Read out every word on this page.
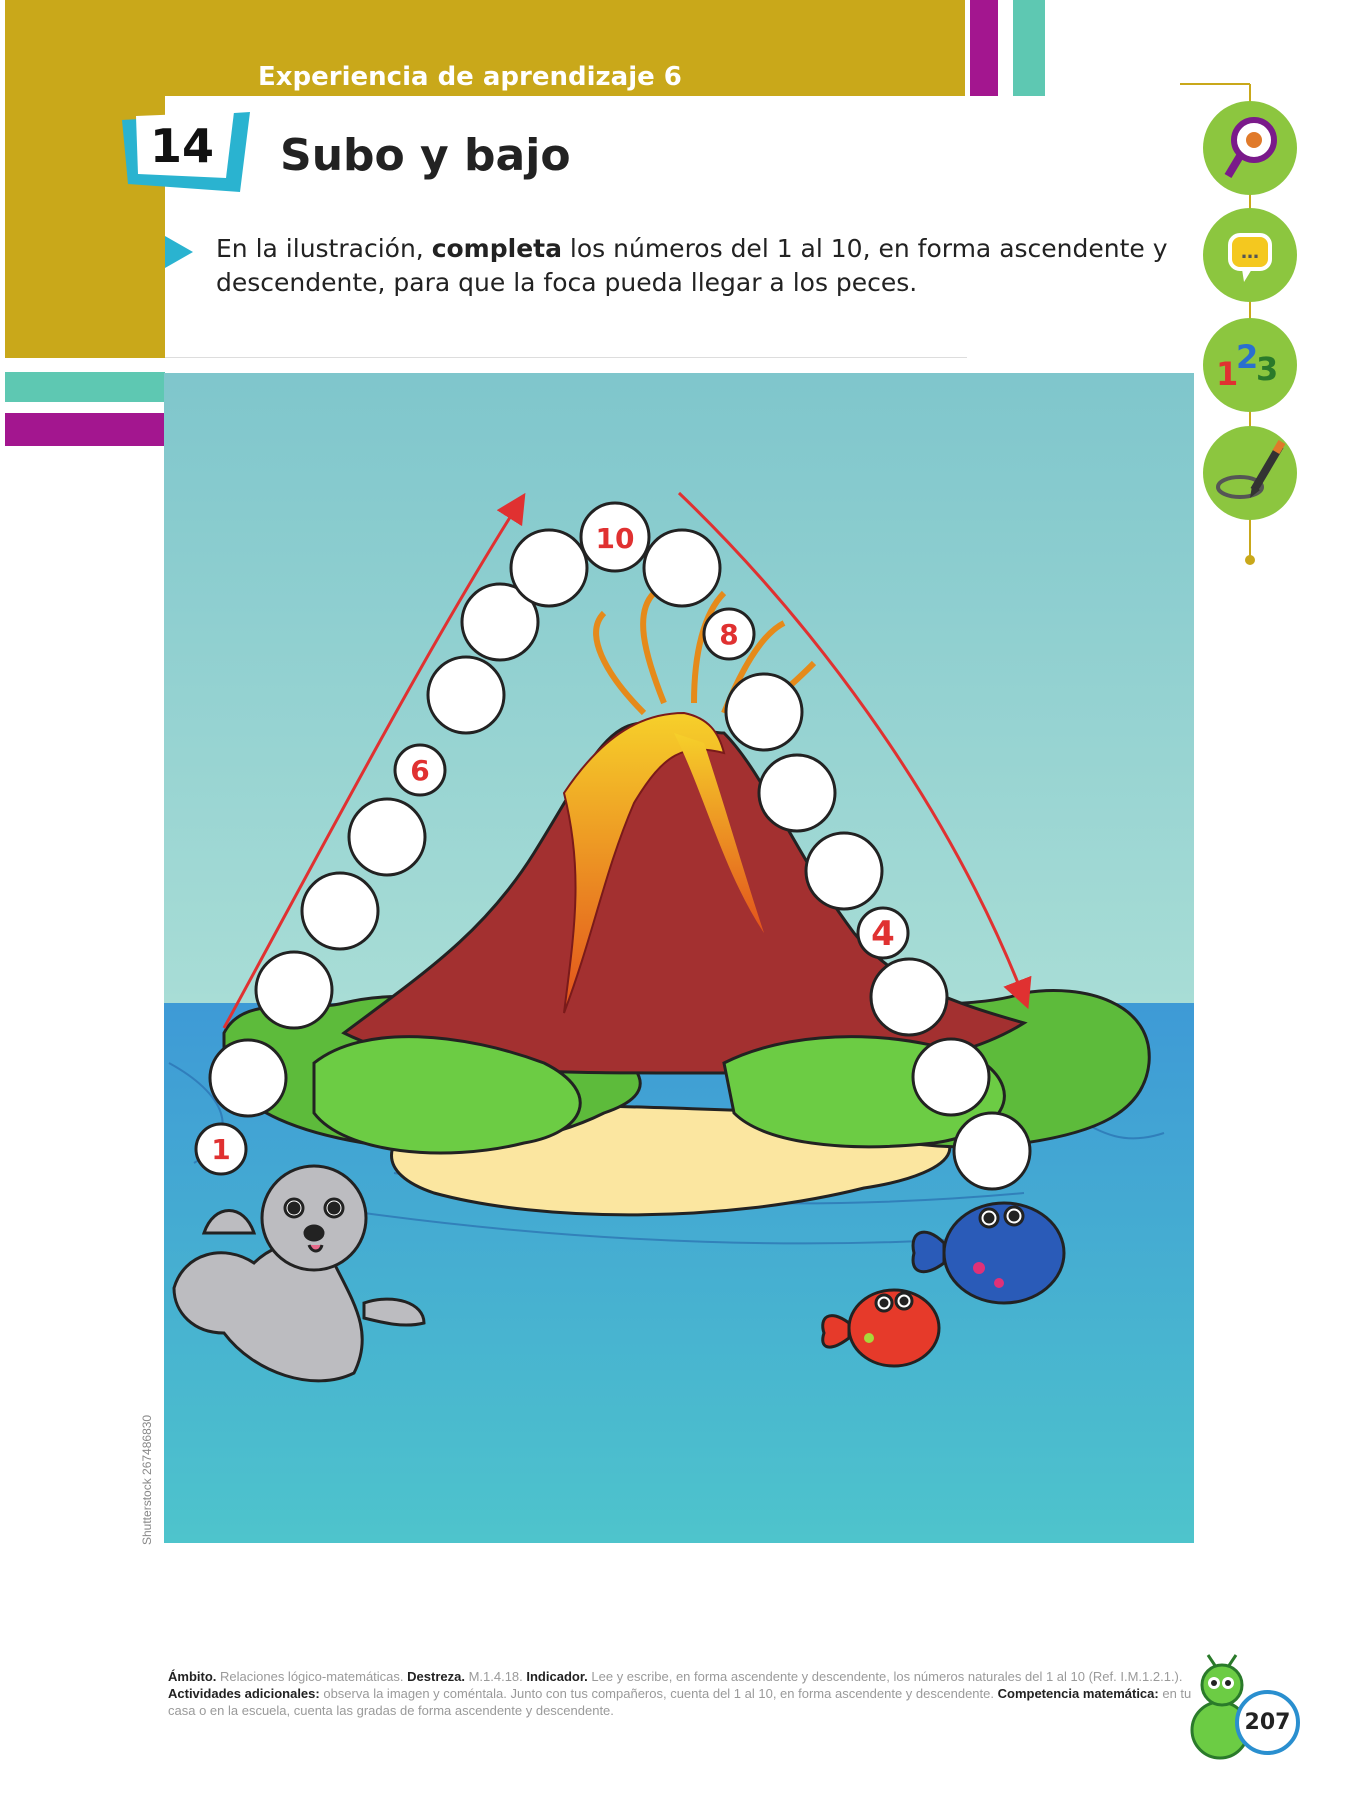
Experiencia de aprendizaje 6
14 Subo y bajo
En la ilustración, completa los números del 1 al 10, en forma ascendente y descendente, para que la foca pueda llegar a los peces.
…
1
2
3
1
6
10
8
4
Shutterstock 267486830
Ámbito. Relaciones lógico-matemáticas. Destreza. M.1.4.18. Indicador. Lee y escribe, en forma ascendente y descendente, los números naturales del 1 al 10 (Ref. I.M.1.2.1.).
Actividades adicionales: observa la imagen y coméntala. Junto con tus compañeros, cuenta del 1 al 10, en forma ascendente y descendente. Competencia matemática: en tu casa o en la escuela, cuenta las gradas de forma ascendente y descendente.	207
